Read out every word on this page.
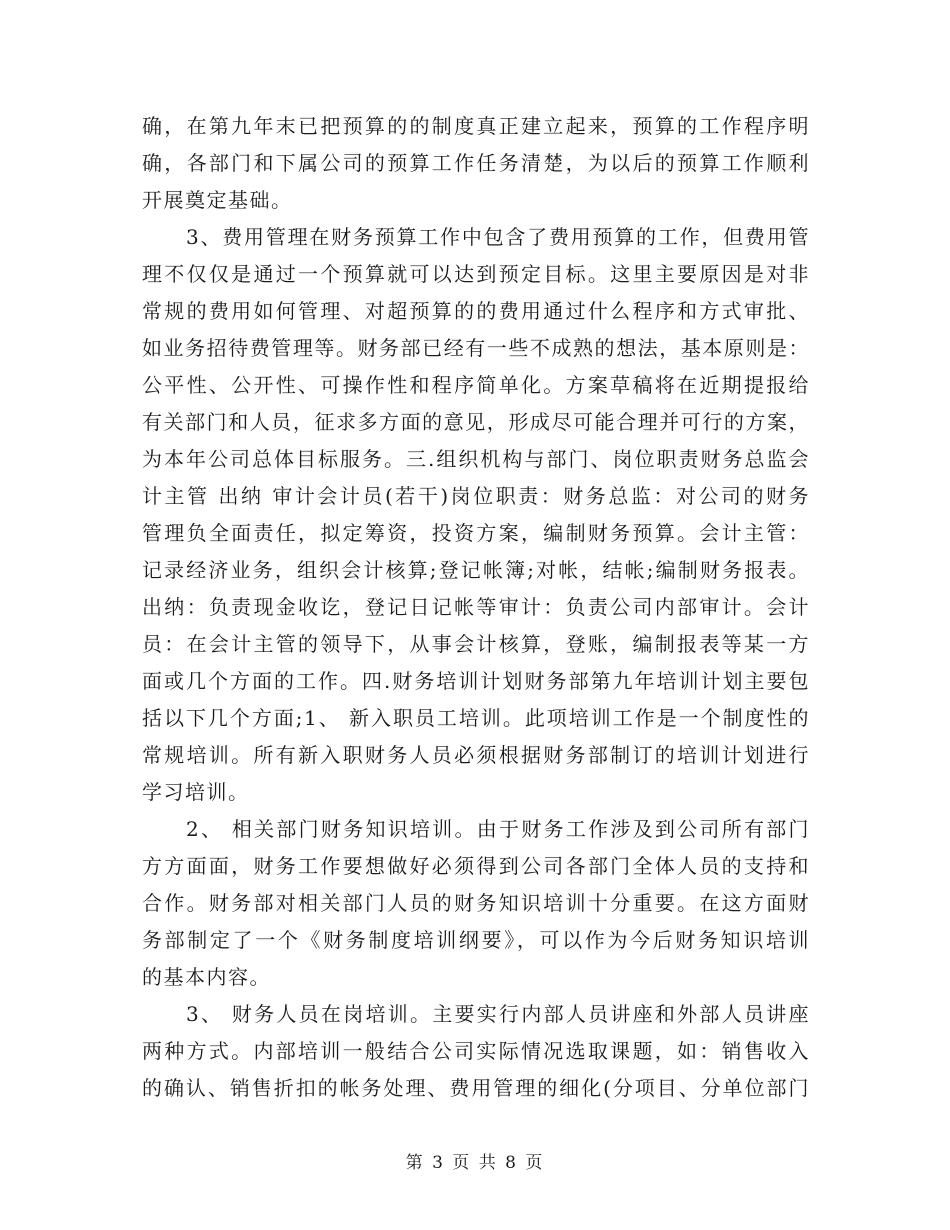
确，在第九年末已把预算的的制度真正建立起来，预算的工作程序明
确，各部门和下属公司的预算工作任务清楚，为以后的预算工作顺利
开展奠定基础。
3、费用管理在财务预算工作中包含了费用预算的工作，但费用管
理不仅仅是通过一个预算就可以达到预定目标。这里主要原因是对非
常规的费用如何管理、对超预算的的费用通过什么程序和方式审批、
如业务招待费管理等。财务部已经有一些不成熟的想法，基本原则是：
公平性、公开性、可操作性和程序简单化。方案草稿将在近期提报给
有关部门和人员，征求多方面的意见，形成尽可能合理并可行的方案，
为本年公司总体目标服务。三.组织机构与部门、岗位职责财务总监会
计主管 出纳 审计会计员(若干)岗位职责：财务总监：对公司的财务
管理负全面责任，拟定筹资，投资方案，编制财务预算。会计主管：
记录经济业务，组织会计核算;登记帐簿;对帐，结帐;编制财务报表。
出纳：负责现金收讫，登记日记帐等审计：负责公司内部审计。会计
员：在会计主管的领导下，从事会计核算，登账，编制报表等某一方
面或几个方面的工作。四.财务培训计划财务部第九年培训计划主要包
括以下几个方面;1、 新入职员工培训。此项培训工作是一个制度性的
常规培训。所有新入职财务人员必须根据财务部制订的培训计划进行
学习培训。
2、 相关部门财务知识培训。由于财务工作涉及到公司所有部门
方方面面，财务工作要想做好必须得到公司各部门全体人员的支持和
合作。财务部对相关部门人员的财务知识培训十分重要。在这方面财
务部制定了一个《财务制度培训纲要》，可以作为今后财务知识培训
的基本内容。
3、 财务人员在岗培训。主要实行内部人员讲座和外部人员讲座
两种方式。内部培训一般结合公司实际情况选取课题，如：销售收入
的确认、销售折扣的帐务处理、费用管理的细化(分项目、分单位部门
第 3 页 共 8 页
